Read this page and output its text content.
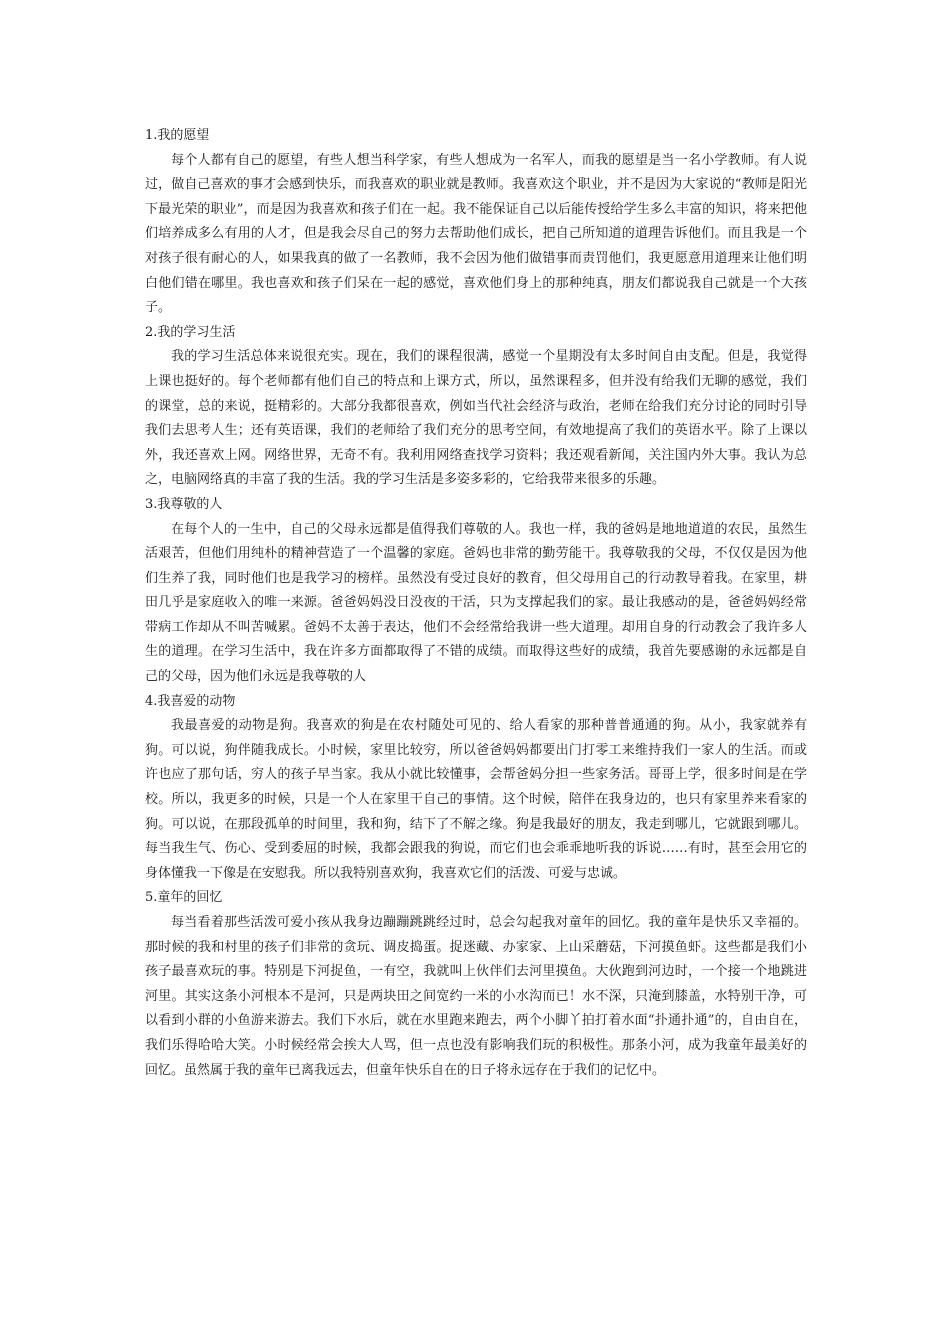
1.我的愿望

每个人都有自己的愿望，有些人想当科学家，有些人想成为一名军人，而我的愿望是当一名小学教师。有人说过，做自己喜欢的事才会感到快乐，而我喜欢的职业就是教师。我喜欢这个职业，并不是因为大家说的“教师是阳光下最光荣的职业”，而是因为我喜欢和孩子们在一起。我不能保证自己以后能传授给学生多么丰富的知识，将来把他们培养成多么有用的人才，但是我会尽自己的努力去帮助他们成长，把自己所知道的道理告诉他们。而且我是一个对孩子很有耐心的人，如果我真的做了一名教师，我不会因为他们做错事而责罚他们，我更愿意用道理来让他们明白他们错在哪里。我也喜欢和孩子们呆在一起的感觉，喜欢他们身上的那种纯真，朋友们都说我自己就是一个大孩子。

2.我的学习生活

我的学习生活总体来说很充实。现在，我们的课程很满，感觉一个星期没有太多时间自由支配。但是，我觉得上课也挺好的。每个老师都有他们自己的特点和上课方式，所以，虽然课程多，但并没有给我们无聊的感觉，我们的课堂，总的来说，挺精彩的。大部分我都很喜欢，例如当代社会经济与政治，老师在给我们充分讨论的同时引导我们去思考人生；还有英语课，我们的老师给了我们充分的思考空间，有效地提高了我们的英语水平。除了上课以外，我还喜欢上网。网络世界，无奇不有。我利用网络查找学习资料；我还观看新闻，关注国内外大事。我认为总之，电脑网络真的丰富了我的生活。我的学习生活是多姿多彩的，它给我带来很多的乐趣。

3.我尊敬的人

在每个人的一生中，自己的父母永远都是值得我们尊敬的人。我也一样，我的爸妈是地地道道的农民，虽然生活艰苦，但他们用纯朴的精神营造了一个温馨的家庭。爸妈也非常的勤劳能干。我尊敬我的父母，不仅仅是因为他们生养了我，同时他们也是我学习的榜样。虽然没有受过良好的教育，但父母用自己的行动教导着我。在家里，耕田几乎是家庭收入的唯一来源。爸爸妈妈没日没夜的干活，只为支撑起我们的家。最让我感动的是，爸爸妈妈经常带病工作却从不叫苦喊累。爸妈不太善于表达，他们不会经常给我讲一些大道理。却用自身的行动教会了我许多人生的道理。在学习生活中，我在许多方面都取得了不错的成绩。而取得这些好的成绩，我首先要感谢的永远都是自己的父母，因为他们永远是我尊敬的人

4.我喜爱的动物

我最喜爱的动物是狗。我喜欢的狗是在农村随处可见的、给人看家的那种普普通通的狗。从小，我家就养有狗。可以说，狗伴随我成长。小时候，家里比较穷，所以爸爸妈妈都要出门打零工来维持我们一家人的生活。而或许也应了那句话，穷人的孩子早当家。我从小就比较懂事，会帮爸妈分担一些家务活。哥哥上学，很多时间是在学校。所以，我更多的时候，只是一个人在家里干自己的事情。这个时候，陪伴在我身边的，也只有家里养来看家的狗。可以说，在那段孤单的时间里，我和狗，结下了不解之缘。狗是我最好的朋友，我走到哪儿，它就跟到哪儿。每当我生气、伤心、受到委屈的时候，我都会跟我的狗说，而它们也会乖乖地听我的诉说……有时，甚至会用它的身体懂我一下像是在安慰我。所以我特别喜欢狗，我喜欢它们的活泼、可爱与忠诚。

5.童年的回忆

每当看着那些活泼可爱小孩从我身边蹦蹦跳跳经过时，总会勾起我对童年的回忆。我的童年是快乐又幸福的。那时候的我和村里的孩子们非常的贪玩、调皮捣蛋。捉迷藏、办家家、上山采蘑菇，下河摸鱼虾。这些都是我们小孩子最喜欢玩的事。特别是下河捉鱼，一有空，我就叫上伙伴们去河里摸鱼。大伙跑到河边时，一个接一个地跳进河里。其实这条小河根本不是河，只是两块田之间宽约一米的小水沟而已！水不深，只淹到膝盖，水特别干净，可以看到小群的小鱼游来游去。我们下水后，就在水里跑来跑去，两个小脚丫拍打着水面“扑通扑通”的，自由自在，我们乐得哈哈大笑。小时候经常会挨大人骂，但一点也没有影响我们玩的积极性。那条小河，成为我童年最美好的回忆。虽然属于我的童年已离我远去，但童年快乐自在的日子将永远存在于我们的记忆中。
